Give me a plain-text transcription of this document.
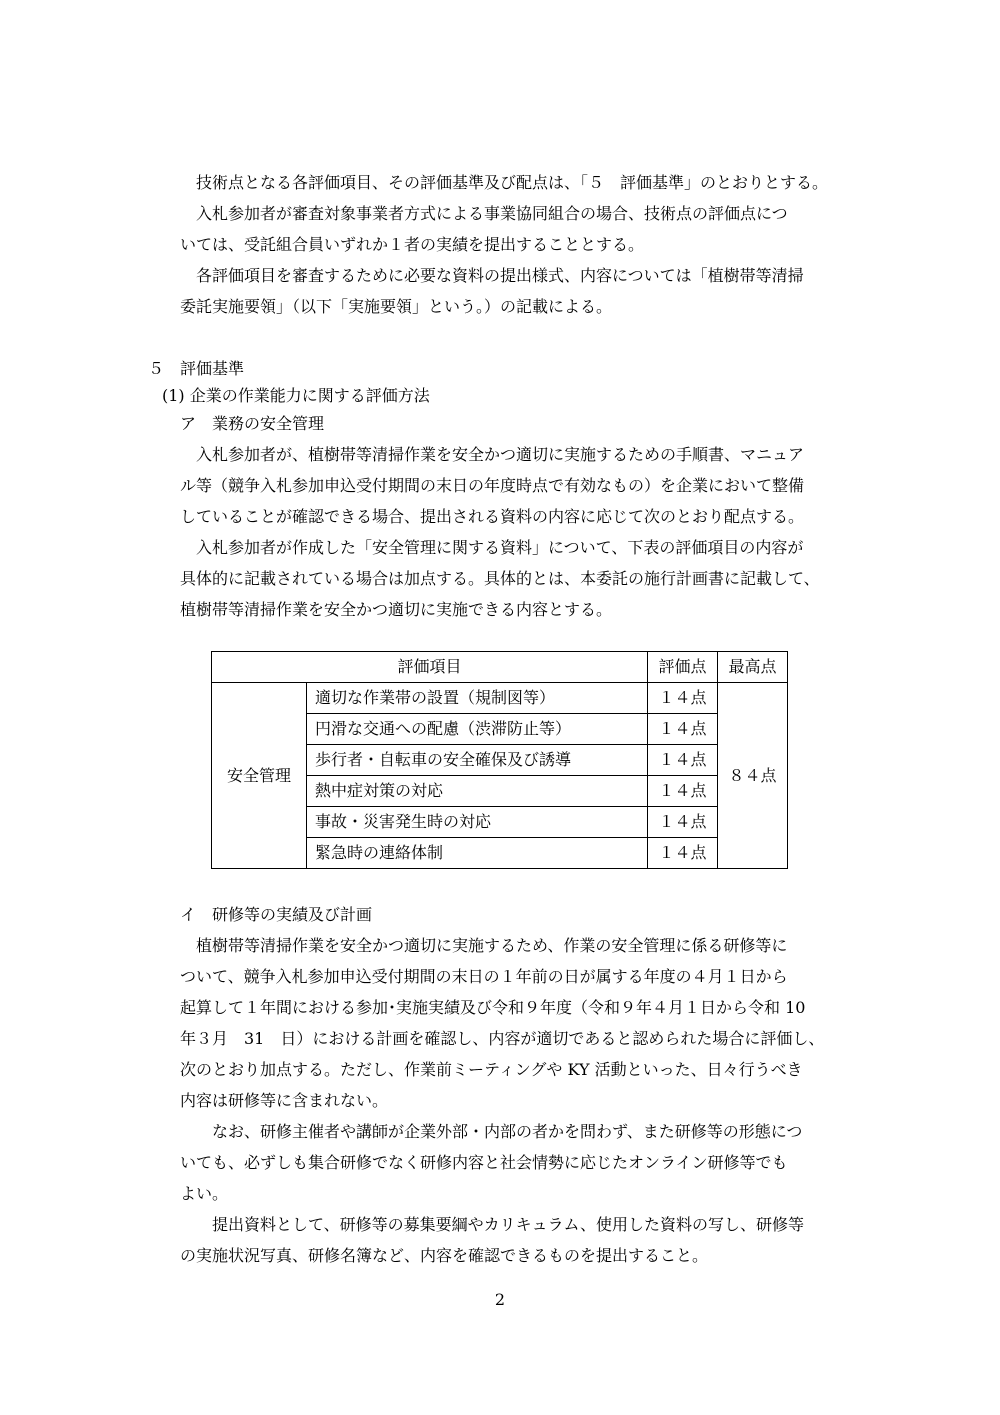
技術点となる各評価項目、その評価基準及び配点は、「５　評価基準」のとおりとする。
入札参加者が審査対象事業者方式による事業協同組合の場合、技術点の評価点につ
いては、受託組合員いずれか１者の実績を提出することとする。
各評価項目を審査するために必要な資料の提出様式、内容については「植樹帯等清掃
委託実施要領」（以下「実施要領」という。）の記載による。
５　評価基準
(1) 企業の作業能力に関する評価方法
ア　業務の安全管理
入札参加者が、植樹帯等清掃作業を安全かつ適切に実施するための手順書、マニュア
ル等（競争入札参加申込受付期間の末日の年度時点で有効なもの）を企業において整備
していることが確認できる場合、提出される資料の内容に応じて次のとおり配点する。
入札参加者が作成した「安全管理に関する資料」について、下表の評価項目の内容が
具体的に記載されている場合は加点する。具体的とは、本委託の施行計画書に記載して、
植樹帯等清掃作業を安全かつ適切に実施できる内容とする。
評価項目		評価点	最高点
安全管理	適切な作業帯の設置（規制図等）	１４点	８４点
	円滑な交通への配慮（渋滞防止等）	１４点	
	歩行者・自転車の安全確保及び誘導	１４点	
	熱中症対策の対応	１４点	
	事故・災害発生時の対応	１４点	
	緊急時の連絡体制	１４点	
イ　研修等の実績及び計画
植樹帯等清掃作業を安全かつ適切に実施するため、作業の安全管理に係る研修等に
ついて、競争入札参加申込受付期間の末日の１年前の日が属する年度の４月１日から
起算して１年間における参加･実施実績及び令和９年度（令和９年４月１日から令和 10
年３月　31　日）における計画を確認し、内容が適切であると認められた場合に評価し、
次のとおり加点する。ただし、作業前ミーティングや KY 活動といった、日々行うべき
内容は研修等に含まれない。
なお、研修主催者や講師が企業外部・内部の者かを問わず、また研修等の形態につ
いても、必ずしも集合研修でなく研修内容と社会情勢に応じたオンライン研修等でも
よい。
提出資料として、研修等の募集要綱やカリキュラム、使用した資料の写し、研修等
の実施状況写真、研修名簿など、内容を確認できるものを提出すること。
2
